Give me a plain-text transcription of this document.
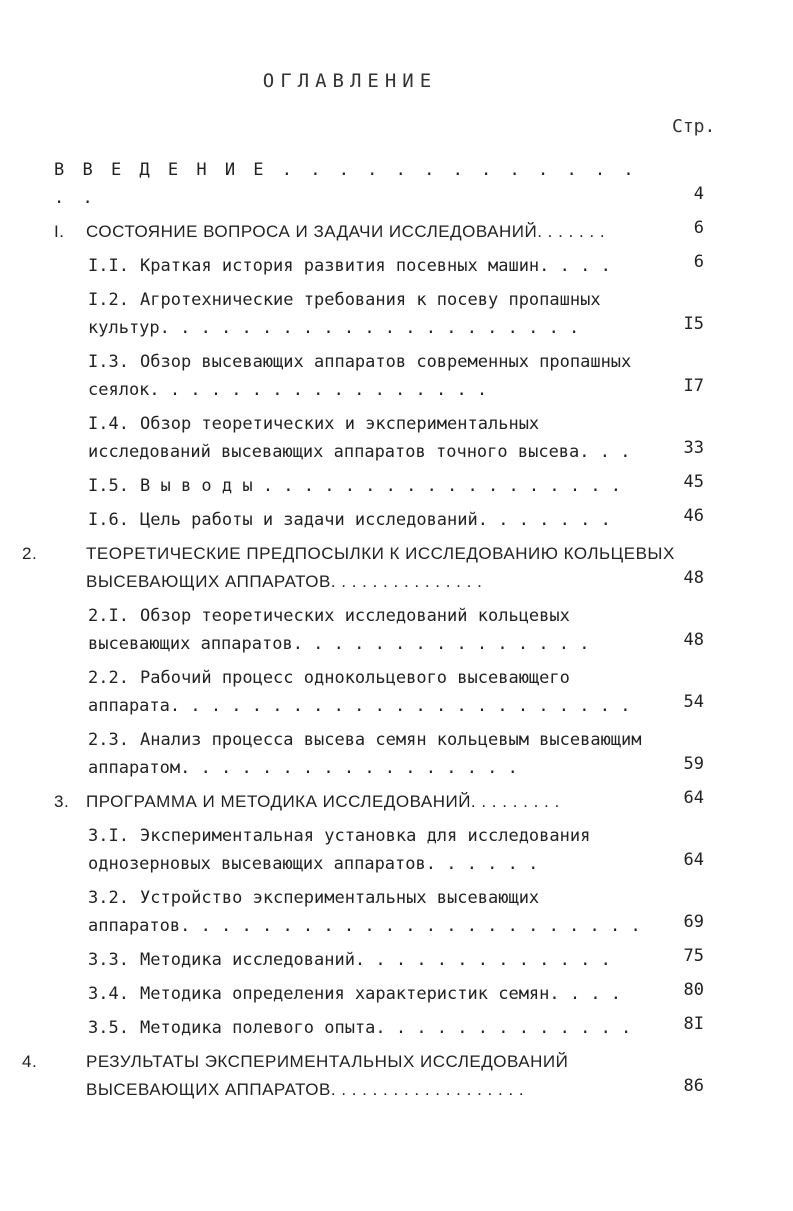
ОГЛАВЛЕНИЕ
Стр.
В В Е Д Е Н И Е . . . . . . . . . . . . . . .	4
I. СОСТОЯНИЕ ВОПРОСА И ЗАДАЧИ ИССЛЕДОВАНИЙ. . . . . . .	6
I.I. Краткая история развития посевных машин. . . .	6
I.2. Агротехнические требования к посеву пропашных культур. . . . . . . . . . . . . . . . . . . . .	I5
I.3. Обзор высевающих аппаратов современных пропашных сеялок. . . . . . . . . . . . . . . . .	I7
I.4. Обзор теоретических и экспериментальных исследований высевающих аппаратов точного высева. . .	33
I.5. В ы в о д ы . . . . . . . . . . . . . . . . . .	45
I.6. Цель работы и задачи исследований. . . . . . .	46
2.	ТЕОРЕТИЧЕСКИЕ ПРЕДПОСЫЛКИ К ИССЛЕДОВАНИЮ КОЛЬЦЕВЫХ ВЫСЕВАЮЩИХ АППАРАТОВ. . . . . . . . . . . . . . .	48
2.I. Обзор теоретических исследований кольцевых высевающих аппаратов. . . . . . . . . . . . . . .	48
2.2. Рабочий процесс однокольцевого высевающего аппарата. . . . . . . . . . . . . . . . . . . . . . .	54
2.3. Анализ процесса высева семян кольцевым высевающим аппаратом. . . . . . . . . . . . . . . . .	59
3. ПРОГРАММА И МЕТОДИКА ИССЛЕДОВАНИЙ. . . . . . . . .	64
3.I. Экспериментальная установка для исследования однозерновых высевающих аппаратов. . . . . .	64
3.2. Устройство экспериментальных высевающих аппаратов. . . . . . . . . . . . . . . . . . . . . . .	69
3.3. Методика исследований. . . . . . . . . . . . .	75
3.4. Методика определения характеристик семян. . . .	80
3.5. Методика полевого опыта. . . . . . . . . . . . .	8I
4.	РЕЗУЛЬТАТЫ ЭКСПЕРИМЕНТАЛЬНЫХ ИССЛЕДОВАНИЙ ВЫСЕВАЮЩИХ АППАРАТОВ. . . . . . . . . . . . . . . . . . .	86
